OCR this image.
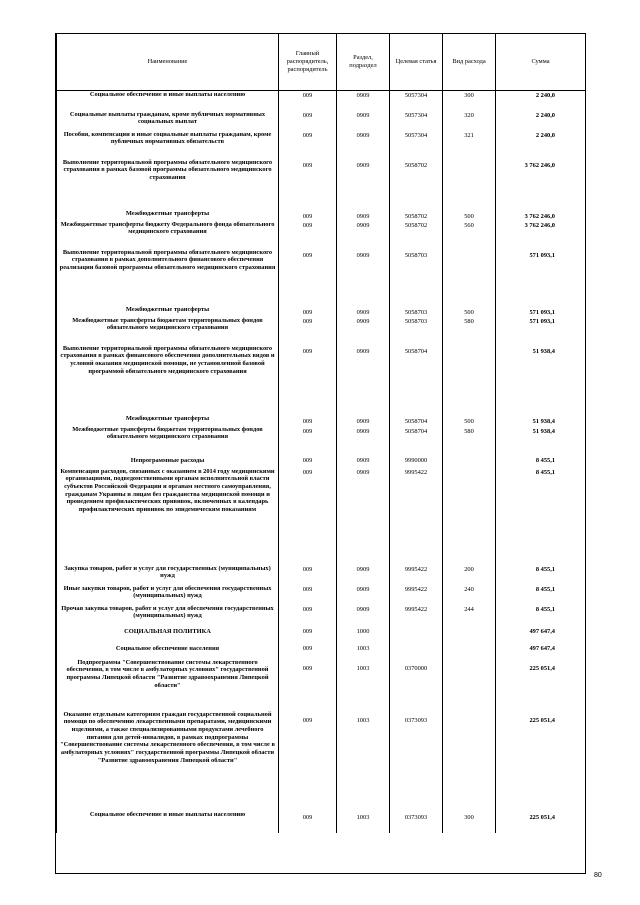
Наименование	Главный распорядитель, распорядитель	Раздел, подраздел	Целевая статья	Вид расхода	Сумма
Социальное обеспечение и иные выплаты населению	009	0909	5057304	300	2 240,0
Социальные выплаты гражданам, кроме публичных нормативных социальных выплат	009	0909	5057304	320	2 240,0
Пособия, компенсации и иные социальные выплаты гражданам, кроме публичных нормативных обязательств	009	0909	5057304	321	2 240,0
Выполнение территориальной программы обязательного медицинского страхования в рамках базовой программы обязательного медицинского страхования	009	0909	5058702		3 762 246,0
Межбюджетные трансферты	009	0909	5058702	500	3 762 246,0
Межбюджетные трансферты бюджету Федерального фонда обязательного медицинского страхования	009	0909	5058702	560	3 762 246,0
Выполнение территориальной программы обязательного медицинского страхования в рамках дополнительного финансового обеспечения реализации базовой программы обязательного медицинского страхования	009	0909	5058703		571 093,1
Межбюджетные трансферты	009	0909	5058703	500	571 093,1
Межбюджетные трансферты бюджетам территориальных фондов обязательного медицинского страхования	009	0909	5058703	580	571 093,1
Выполнение территориальной программы обязательного медицинского страхования в рамках финансового обеспечения дополнительных видов и условий оказания медицинской помощи, не установленной базовой программой обязательного медицинского страхования	009	0909	5058704		51 938,4
Межбюджетные трансферты	009	0909	5058704	500	51 938,4
Межбюджетные трансферты бюджетам территориальных фондов обязательного медицинского страхования	009	0909	5058704	580	51 938,4
Непрограммные расходы	009	0909	9990000		8 455,1
Компенсация расходов, связанных с оказанием в 2014 году медицинскими организациями, подведомственными органам исполнительной власти субъектов Российской Федерации и органам местного самоуправления, гражданам Украины и лицам без гражданства медицинской помощи и проведением профилактических прививок, включенных в календарь профилактических прививок по эпидемическим показаниям	009	0909	9995422		8 455,1
Закупка товаров, работ и услуг для государственных (муниципальных) нужд	009	0909	9995422	200	8 455,1
Иные закупки товаров, работ и услуг для обеспечения государственных (муниципальных) нужд	009	0909	9995422	240	8 455,1
Прочая закупка товаров, работ и услуг для обеспечения государственных (муниципальных) нужд	009	0909	9995422	244	8 455,1
СОЦИАЛЬНАЯ ПОЛИТИКА	009	1000			497 647,4
Социальное обеспечение населения	009	1003			497 647,4
Подпрограмма "Совершенствование системы лекарственного обеспечения, в том числе в амбулаторных условиях" государственной программы Липецкой области "Развитие здравоохранения Липецкой области"	009	1003	0370000		225 051,4
Оказание отдельным категориям граждан государственной социальной помощи по обеспечению лекарственными препаратами, медицинскими изделиями, а также специализированными продуктами лечебного питания для детей-инвалидов, в рамках подпрограммы "Совершенствование системы лекарственного обеспечения, в том числе в амбулаторных условиях" государственной программы Липецкой области "Развитие здравоохранения Липецкой области"	009	1003	0373093		225 051,4
Социальное обеспечение и иные выплаты населению	009	1003	0373093	300	225 051,4
80
